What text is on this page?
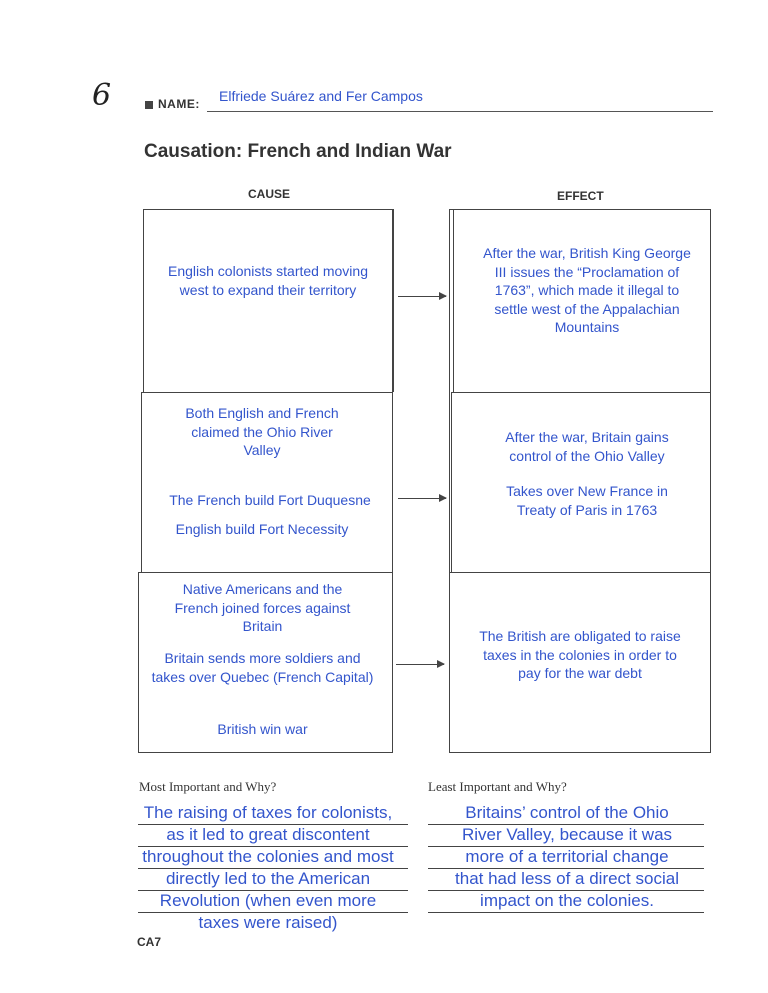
6	NAME: Elfriede Suárez and Fer Campos
Causation: French and Indian War
CAUSE	EFFECT
English colonists started moving west to expand their territory
After the war, British King George III issues the “Proclamation of 1763”, which made it illegal to settle west of the Appalachian Mountains
Both English and French claimed the Ohio River Valley
The French build Fort Duquesne
English build Fort Necessity
After the war, Britain gains control of the Ohio Valley
Takes over New France in Treaty of Paris in 1763
Native Americans and the French joined forces against Britain
Britain sends more soldiers and takes over Quebec (French Capital)
British win war
The British are obligated to raise taxes in the colonies in order to pay for the war debt
Most Important and Why?
The raising of taxes for colonists,
as it led to great discontent
throughout the colonies and most
directly led to the American
Revolution (when even more
taxes were raised)
Least Important and Why?
Britains’ control of the Ohio
River Valley, because it was
more of a territorial change
that had less of a direct social
impact on the colonies.
CA7
